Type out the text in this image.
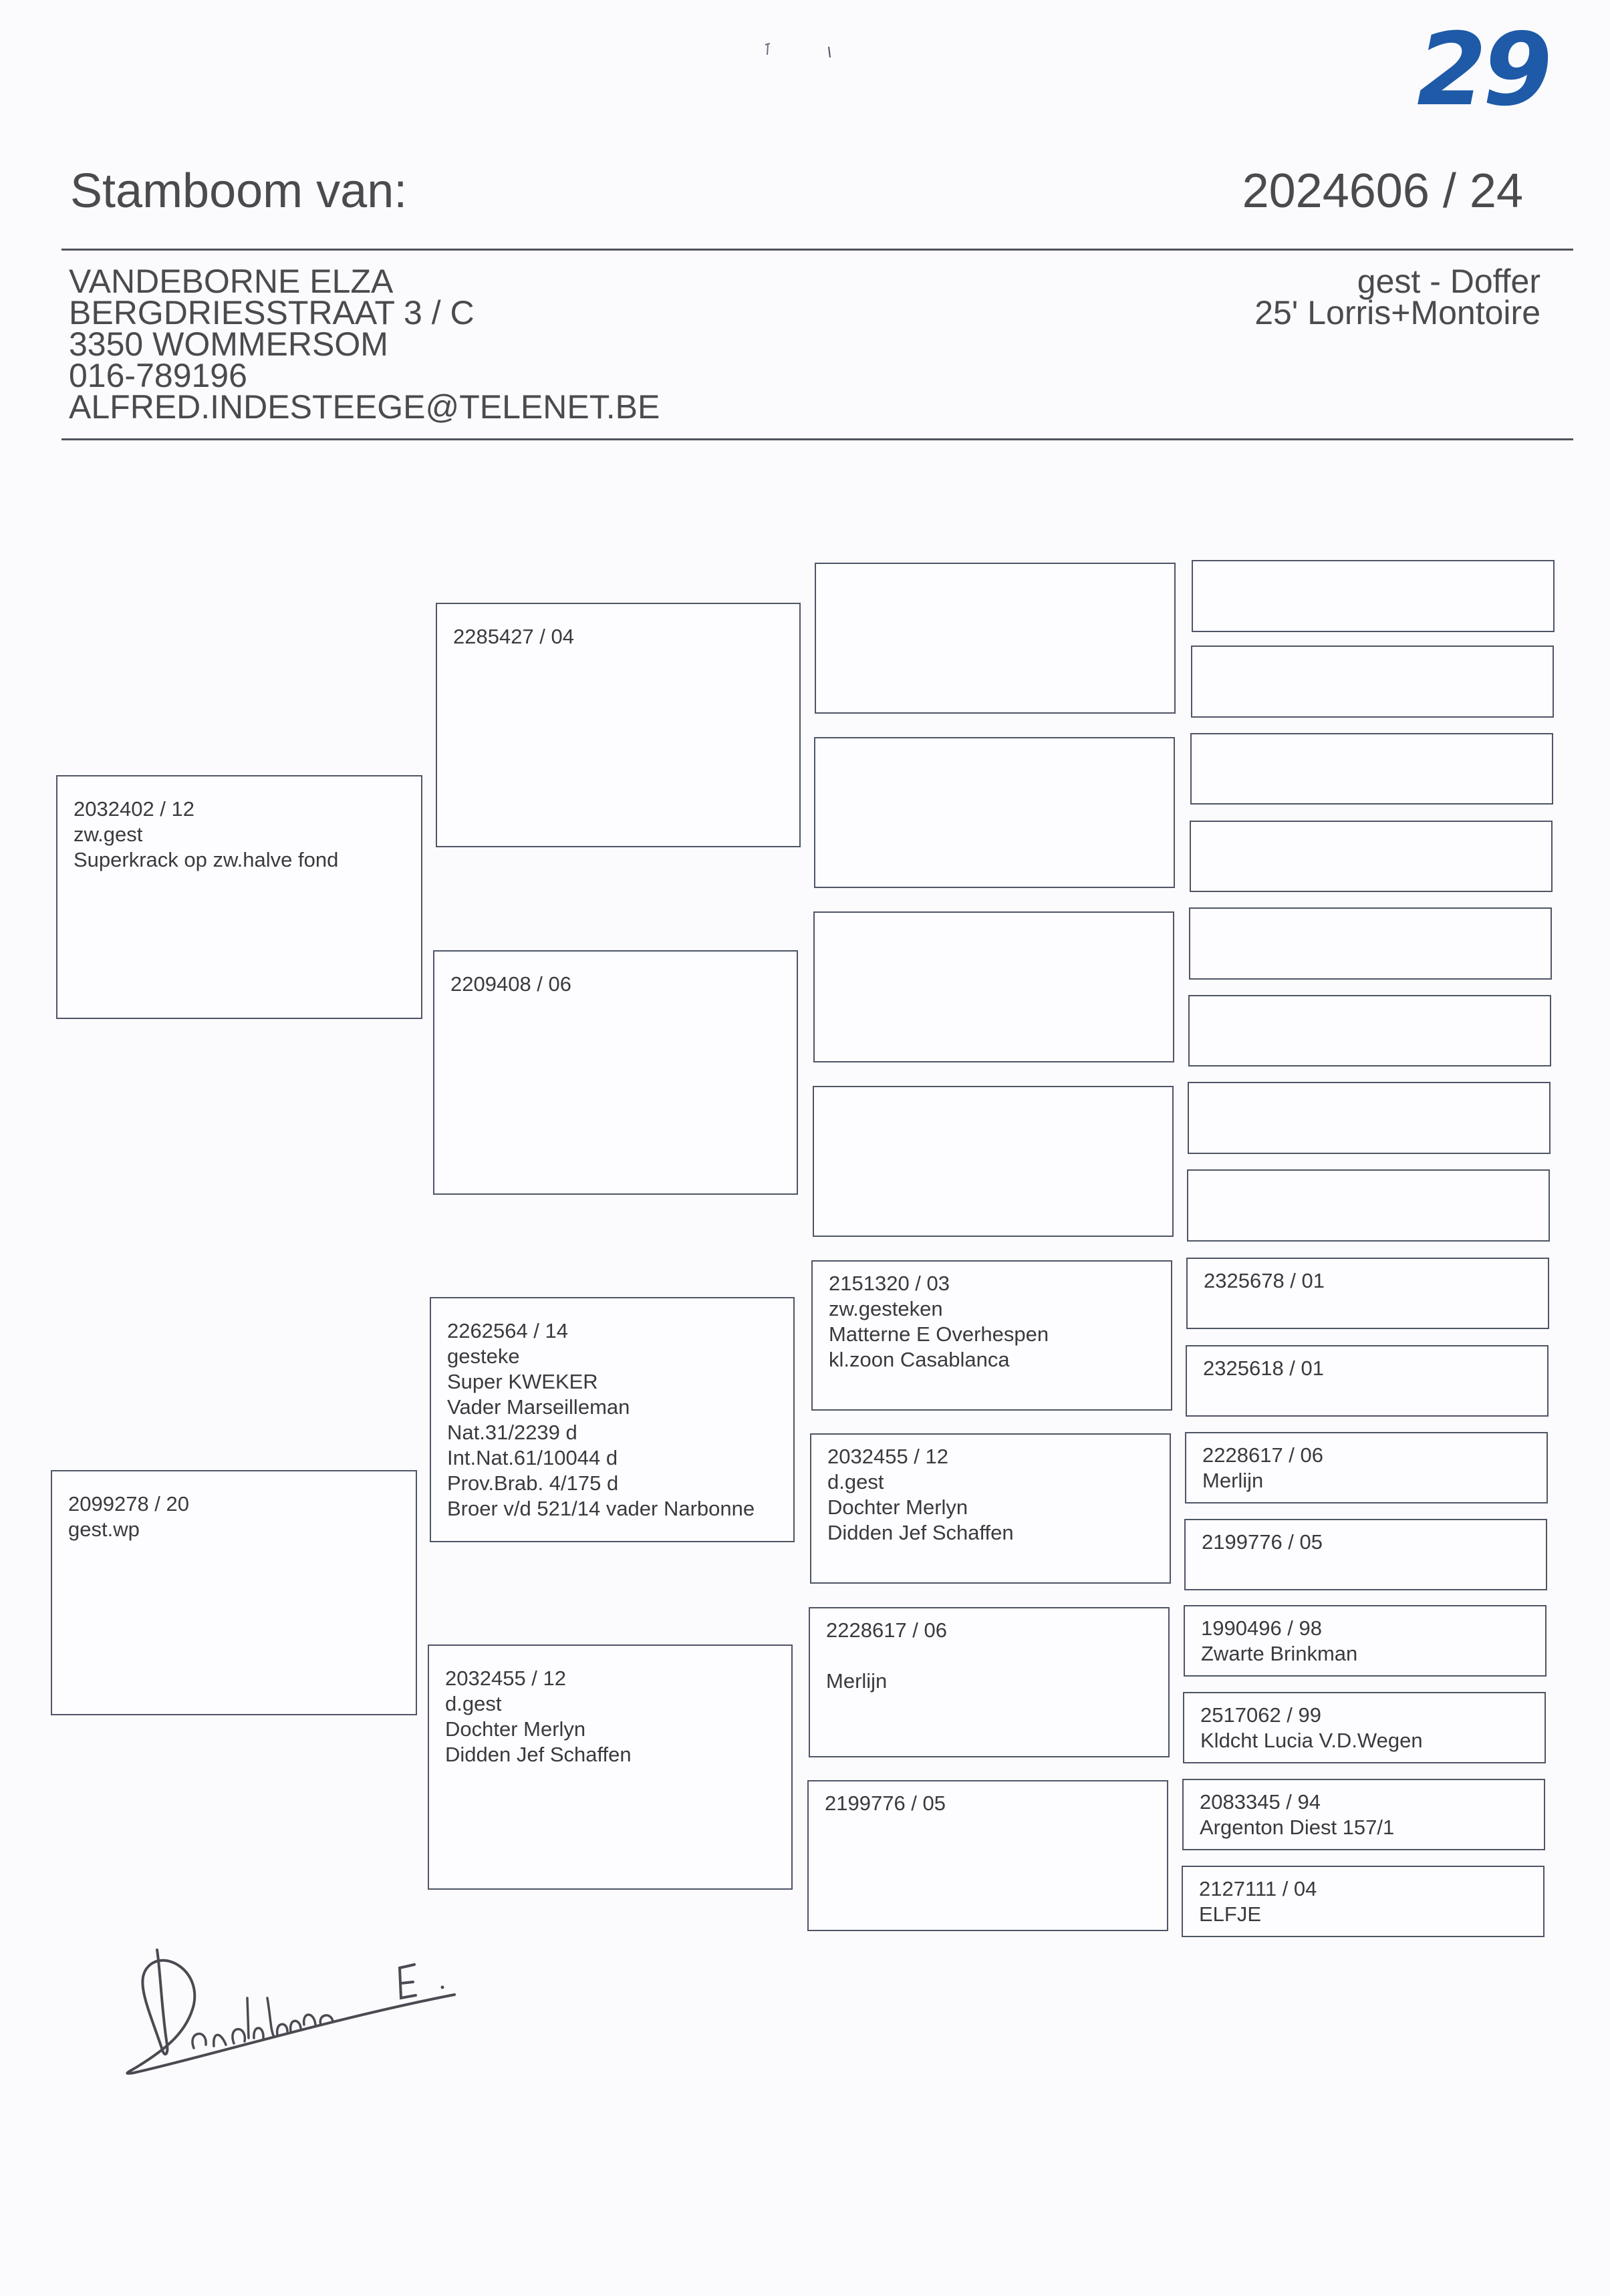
29
Stamboom van:	2024606 / 24
VANDEBORNE ELZA
BERGDRIESSTRAAT 3 / C
3350 WOMMERSOM
016-789196
ALFRED.INDESTEEGE@TELENET.BE
gest - Doffer
25' Lorris+Montoire
2032402 / 12
zw.gest
Superkrack op zw.halve fond
2099278 / 20
gest.wp
2285427 / 04
2209408 / 06
2262564 / 14
gesteke
Super KWEKER
Vader Marseilleman
Nat.31/2239 d
Int.Nat.61/10044 d
Prov.Brab. 4/175 d
Broer v/d 521/14 vader Narbonne
2032455 / 12
d.gest
Dochter Merlyn
Didden Jef Schaffen
2151320 / 03
zw.gesteken
Matterne E Overhespen
kl.zoon Casablanca
2032455 / 12
d.gest
Dochter Merlyn
Didden Jef Schaffen
2228617 / 06
Merlijn
2199776 / 05
2325678 / 01
2325618 / 01
2228617 / 06
Merlijn
2199776 / 05
1990496 / 98
Zwarte Brinkman
2517062 / 99
Kldcht Lucia V.D.Wegen
2083345 / 94
Argenton Diest 157/1
2127111 / 04
ELFJE
